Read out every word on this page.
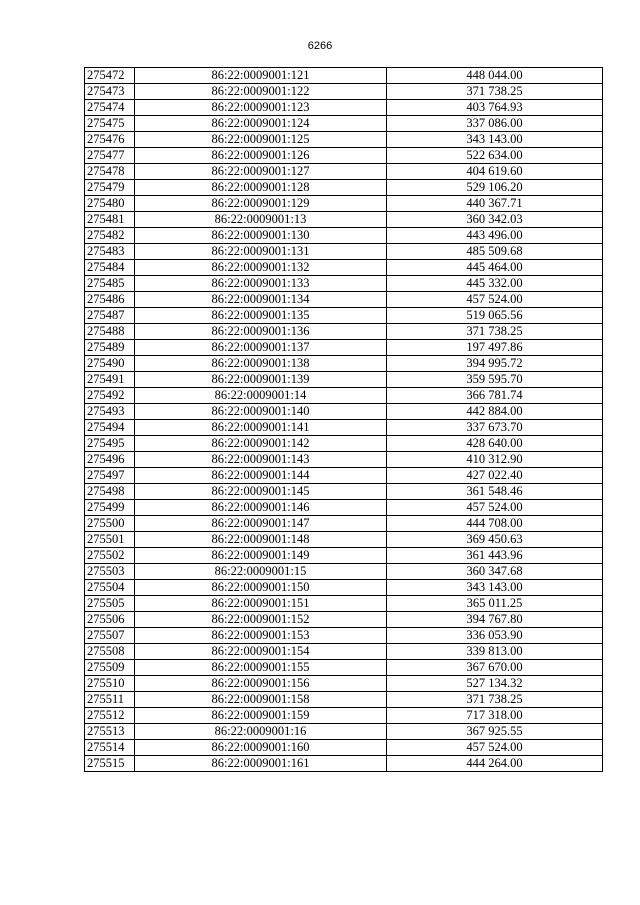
6266
275472	86:22:0009001:121	448 044.00
275473	86:22:0009001:122	371 738.25
275474	86:22:0009001:123	403 764.93
275475	86:22:0009001:124	337 086.00
275476	86:22:0009001:125	343 143.00
275477	86:22:0009001:126	522 634.00
275478	86:22:0009001:127	404 619.60
275479	86:22:0009001:128	529 106.20
275480	86:22:0009001:129	440 367.71
275481	86:22:0009001:13	360 342.03
275482	86:22:0009001:130	443 496.00
275483	86:22:0009001:131	485 509.68
275484	86:22:0009001:132	445 464.00
275485	86:22:0009001:133	445 332.00
275486	86:22:0009001:134	457 524.00
275487	86:22:0009001:135	519 065.56
275488	86:22:0009001:136	371 738.25
275489	86:22:0009001:137	197 497.86
275490	86:22:0009001:138	394 995.72
275491	86:22:0009001:139	359 595.70
275492	86:22:0009001:14	366 781.74
275493	86:22:0009001:140	442 884.00
275494	86:22:0009001:141	337 673.70
275495	86:22:0009001:142	428 640.00
275496	86:22:0009001:143	410 312.90
275497	86:22:0009001:144	427 022.40
275498	86:22:0009001:145	361 548.46
275499	86:22:0009001:146	457 524.00
275500	86:22:0009001:147	444 708.00
275501	86:22:0009001:148	369 450.63
275502	86:22:0009001:149	361 443.96
275503	86:22:0009001:15	360 347.68
275504	86:22:0009001:150	343 143.00
275505	86:22:0009001:151	365 011.25
275506	86:22:0009001:152	394 767.80
275507	86:22:0009001:153	336 053.90
275508	86:22:0009001:154	339 813.00
275509	86:22:0009001:155	367 670.00
275510	86:22:0009001:156	527 134.32
275511	86:22:0009001:158	371 738.25
275512	86:22:0009001:159	717 318.00
275513	86:22:0009001:16	367 925.55
275514	86:22:0009001:160	457 524.00
275515	86:22:0009001:161	444 264.00
